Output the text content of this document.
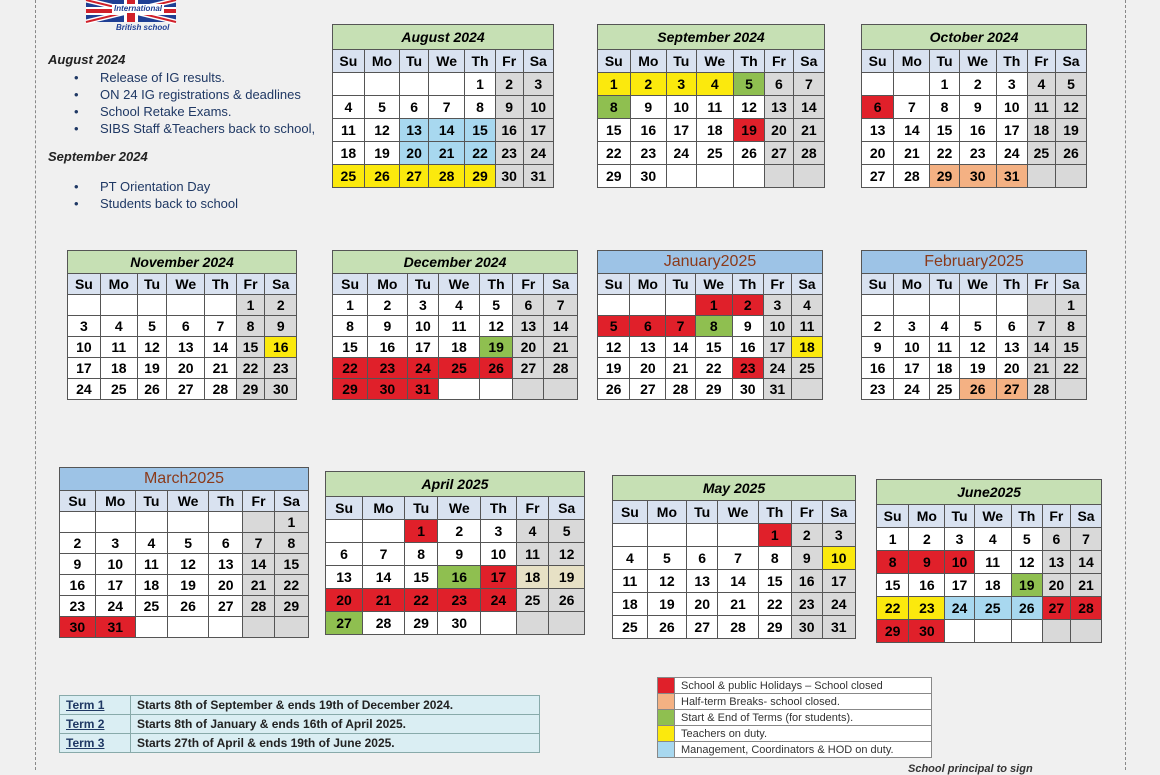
International
British school
August 2024
• Release of IG results.
• ON 24 IG registrations & deadlines
• School Retake Exams.
• SIBS Staff &Teachers back to school,
September 2024
• PT Orientation Day
• Students back to school
August 2024						
Su	Mo	Tu	We	Th	Fr	Sa
				1	2	3
4	5	6	7	8	9	10
11	12	13	14	15	16	17
18	19	20	21	22	23	24
25	26	27	28	29	30	31
September 2024						
Su	Mo	Tu	We	Th	Fr	Sa
1	2	3	4	5	6	7
8	9	10	11	12	13	14
15	16	17	18	19	20	21
22	23	24	25	26	27	28
29	30					
October 2024						
Su	Mo	Tu	We	Th	Fr	Sa
		1	2	3	4	5
6	7	8	9	10	11	12
13	14	15	16	17	18	19
20	21	22	23	24	25	26
27	28	29	30	31		
November 2024						
Su	Mo	Tu	We	Th	Fr	Sa
					1	2
3	4	5	6	7	8	9
10	11	12	13	14	15	16
17	18	19	20	21	22	23
24	25	26	27	28	29	30
December 2024						
Su	Mo	Tu	We	Th	Fr	Sa
1	2	3	4	5	6	7
8	9	10	11	12	13	14
15	16	17	18	19	20	21
22	23	24	25	26	27	28
29	30	31				
January2025						
Su	Mo	Tu	We	Th	Fr	Sa
			1	2	3	4
5	6	7	8	9	10	11
12	13	14	15	16	17	18
19	20	21	22	23	24	25
26	27	28	29	30	31	
February2025						
Su	Mo	Tu	We	Th	Fr	Sa
						1
2	3	4	5	6	7	8
9	10	11	12	13	14	15
16	17	18	19	20	21	22
23	24	25	26	27	28	
March2025						
Su	Mo	Tu	We	Th	Fr	Sa
						1
2	3	4	5	6	7	8
9	10	11	12	13	14	15
16	17	18	19	20	21	22
23	24	25	26	27	28	29
30	31					
April 2025						
Su	Mo	Tu	We	Th	Fr	Sa
		1	2	3	4	5
6	7	8	9	10	11	12
13	14	15	16	17	18	19
20	21	22	23	24	25	26
27	28	29	30			
May 2025						
Su	Mo	Tu	We	Th	Fr	Sa
				1	2	3
4	5	6	7	8	9	10
11	12	13	14	15	16	17
18	19	20	21	22	23	24
25	26	27	28	29	30	31
June2025						
Su	Mo	Tu	We	Th	Fr	Sa
1	2	3	4	5	6	7
8	9	10	11	12	13	14
15	16	17	18	19	20	21
22	23	24	25	26	27	28
29	30					
Term 1	Starts 8th of September & ends 19th of December 2024.
Term 2	Starts 8th of January & ends 16th of April 2025.
Term 3	Starts 27th of April & ends 19th of June 2025.
	School & public Holidays – School closed
	Half-term Breaks- school closed.
	Start & End of Terms (for students).
	Teachers on duty.
	Management, Coordinators & HOD on duty.
School principal to sign
